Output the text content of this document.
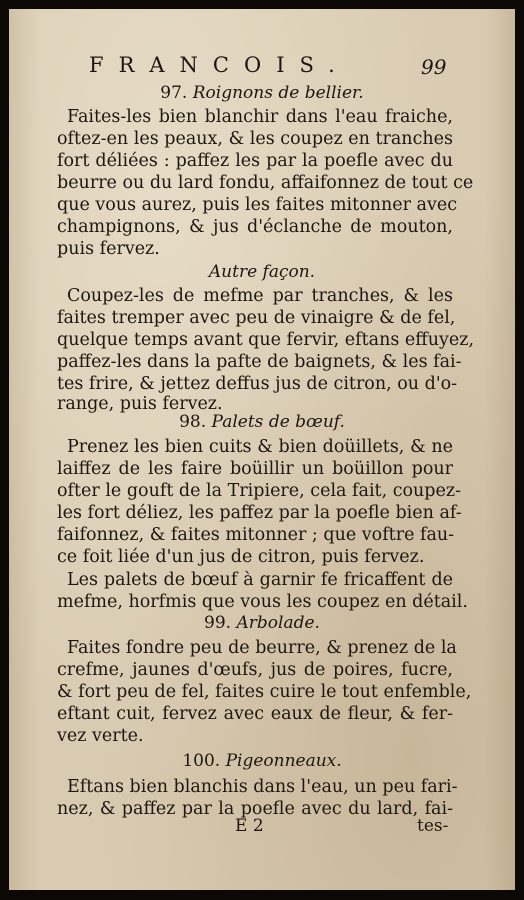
FRANCOIS.	99

97. Roignons de bellier.

Faites-les bien blanchir dans l'eau fraiche,

oftez-en les peaux, & les coupez en tranches

fort déliées : paffez les par la poefle avec du

beurre ou du lard fondu, affaifonnez de tout ce

que vous aurez, puis les faites mitonner avec

champignons, & jus d'éclanche de mouton,

puis fervez.

Autre façon.

Coupez-les de mefme par tranches, & les

faites tremper avec peu de vinaigre & de fel,

quelque temps avant que fervir, eftans effuyez,

paffez-les dans la pafte de baignets, & les fai-

tes frire, & jettez deffus jus de citron, ou d'o-

range, puis fervez.

98. Palets de bœuf.

Prenez les bien cuits & bien doüillets, & ne

laiffez de les faire boüillir un boüillon pour

ofter le gouft de la Tripiere, cela fait, coupez-

les fort déliez, les paffez par la poefle bien af-

faifonnez, & faites mitonner ; que voftre fau-

ce foit liée d'un jus de citron, puis fervez.

Les palets de bœuf à garnir fe fricaffent de

mefme, horfmis que vous les coupez en détail.

99. Arbolade.

Faites fondre peu de beurre, & prenez de la

crefme, jaunes d'œufs, jus de poires, fucre,

& fort peu de fel, faites cuire le tout enfemble,

eftant cuit, fervez avec eaux de fleur, & fer-

vez verte.

100. Pigeonneaux.

Eftans bien blanchis dans l'eau, un peu fari-

nez, & paffez par la poefle avec du lard, fai-

E 2	tes-
